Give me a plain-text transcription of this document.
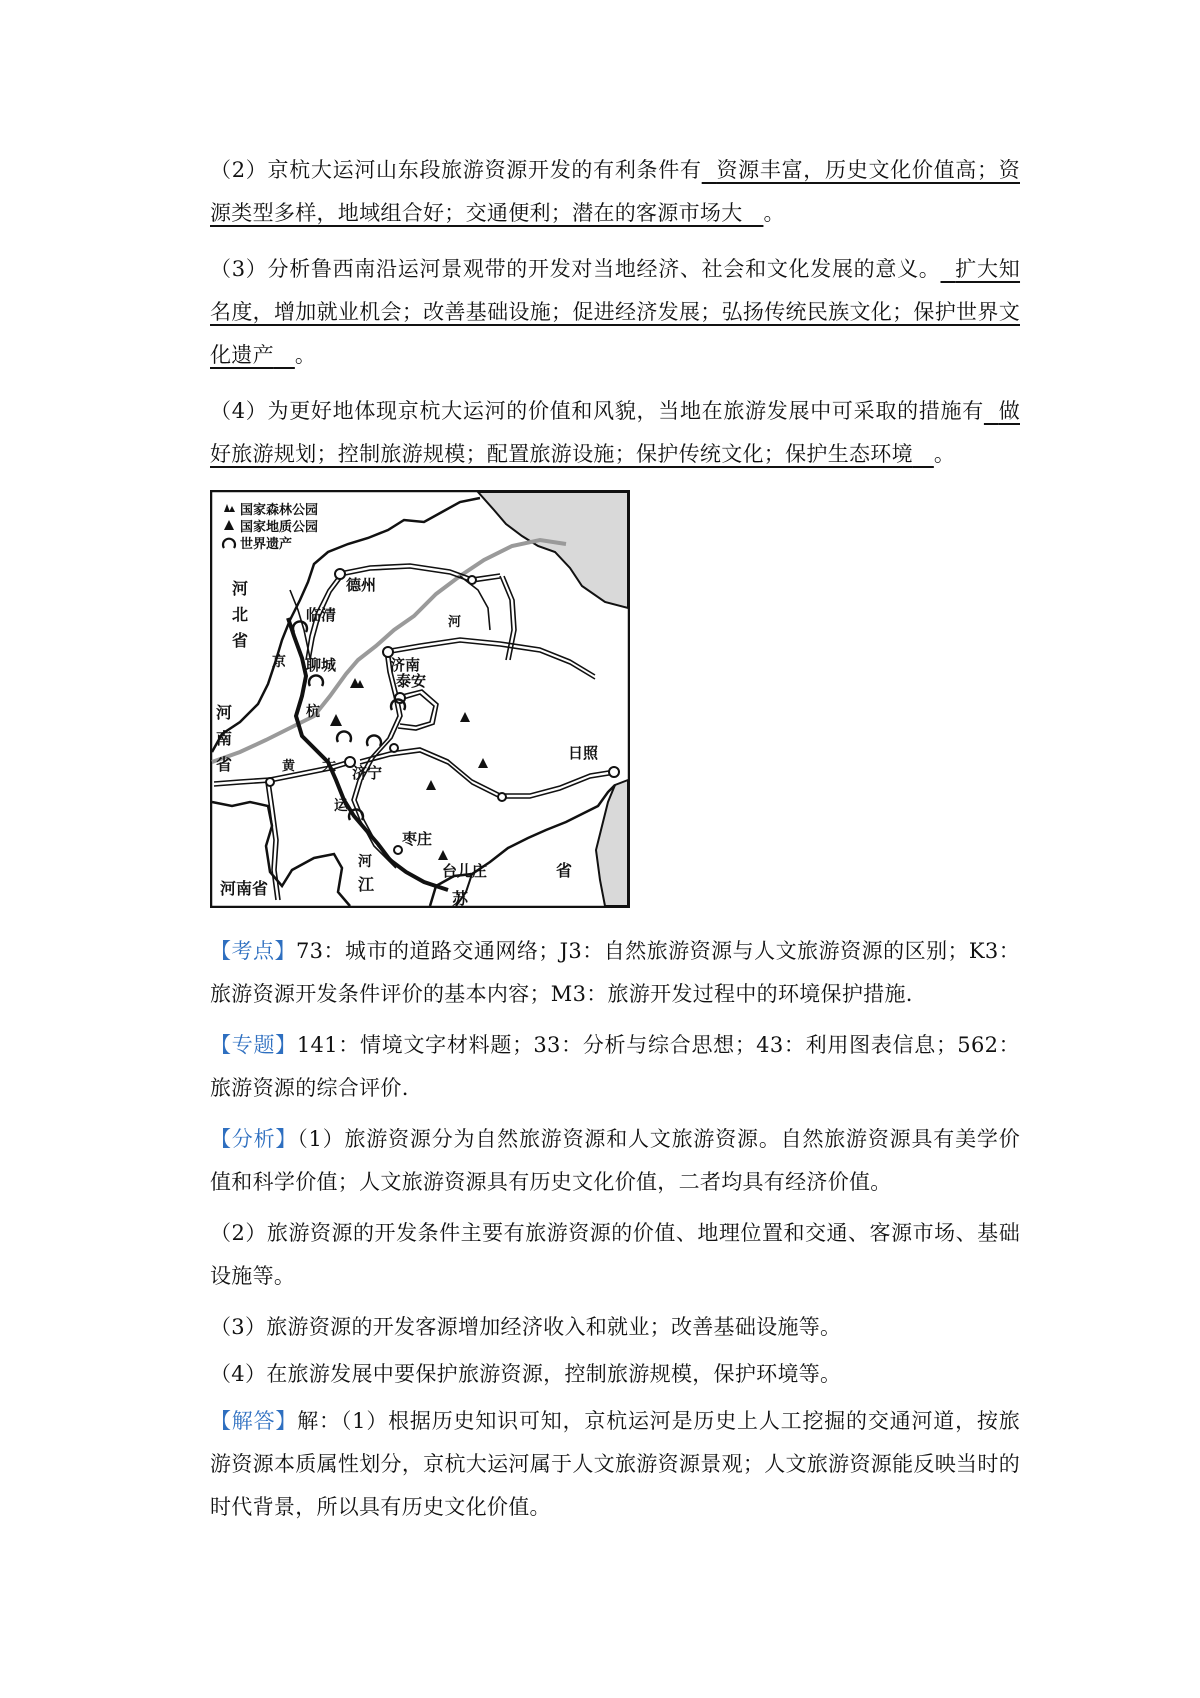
（2）京杭大运河山东段旅游资源开发的有利条件有 资源丰富，历史文化价值高；资源类型多样，地域组合好；交通便利；潜在的客源市场大 。
（3）分析鲁西南沿运河景观带的开发对当地经济、社会和文化发展的意义。 扩大知名度，增加就业机会；改善基础设施；促进经济发展；弘扬传统民族文化；保护世界文化遗产 。
（4）为更好地体现京杭大运河的价值和风貌，当地在旅游发展中可采取的措施有 做好旅游规划；控制旅游规模；配置旅游设施；保护传统文化；保护生态环境 。
国家森林公园
国家地质公园
世界遗产
德州
临清
聊城	济南
泰安
济宁
枣庄
台儿庄
日照
河
北
省
河
南
省
河南省	江
苏
省
京
杭
大
运
河
黄
河
【考点】73：城市的道路交通网络；J3：自然旅游资源与人文旅游资源的区别；K3：旅游资源开发条件评价的基本内容；M3：旅游开发过程中的环境保护措施.
【专题】141：情境文字材料题；33：分析与综合思想；43：利用图表信息；562：旅游资源的综合评价.
【分析】（1）旅游资源分为自然旅游资源和人文旅游资源。自然旅游资源具有美学价值和科学价值；人文旅游资源具有历史文化价值，二者均具有经济价值。
（2）旅游资源的开发条件主要有旅游资源的价值、地理位置和交通、客源市场、基础设施等。
（3）旅游资源的开发客源增加经济收入和就业；改善基础设施等。
（4）在旅游发展中要保护旅游资源，控制旅游规模，保护环境等。
【解答】解：（1）根据历史知识可知，京杭运河是历史上人工挖掘的交通河道，按旅游资源本质属性划分，京杭大运河属于人文旅游资源景观；人文旅游资源能反映当时的时代背景，所以具有历史文化价值。
